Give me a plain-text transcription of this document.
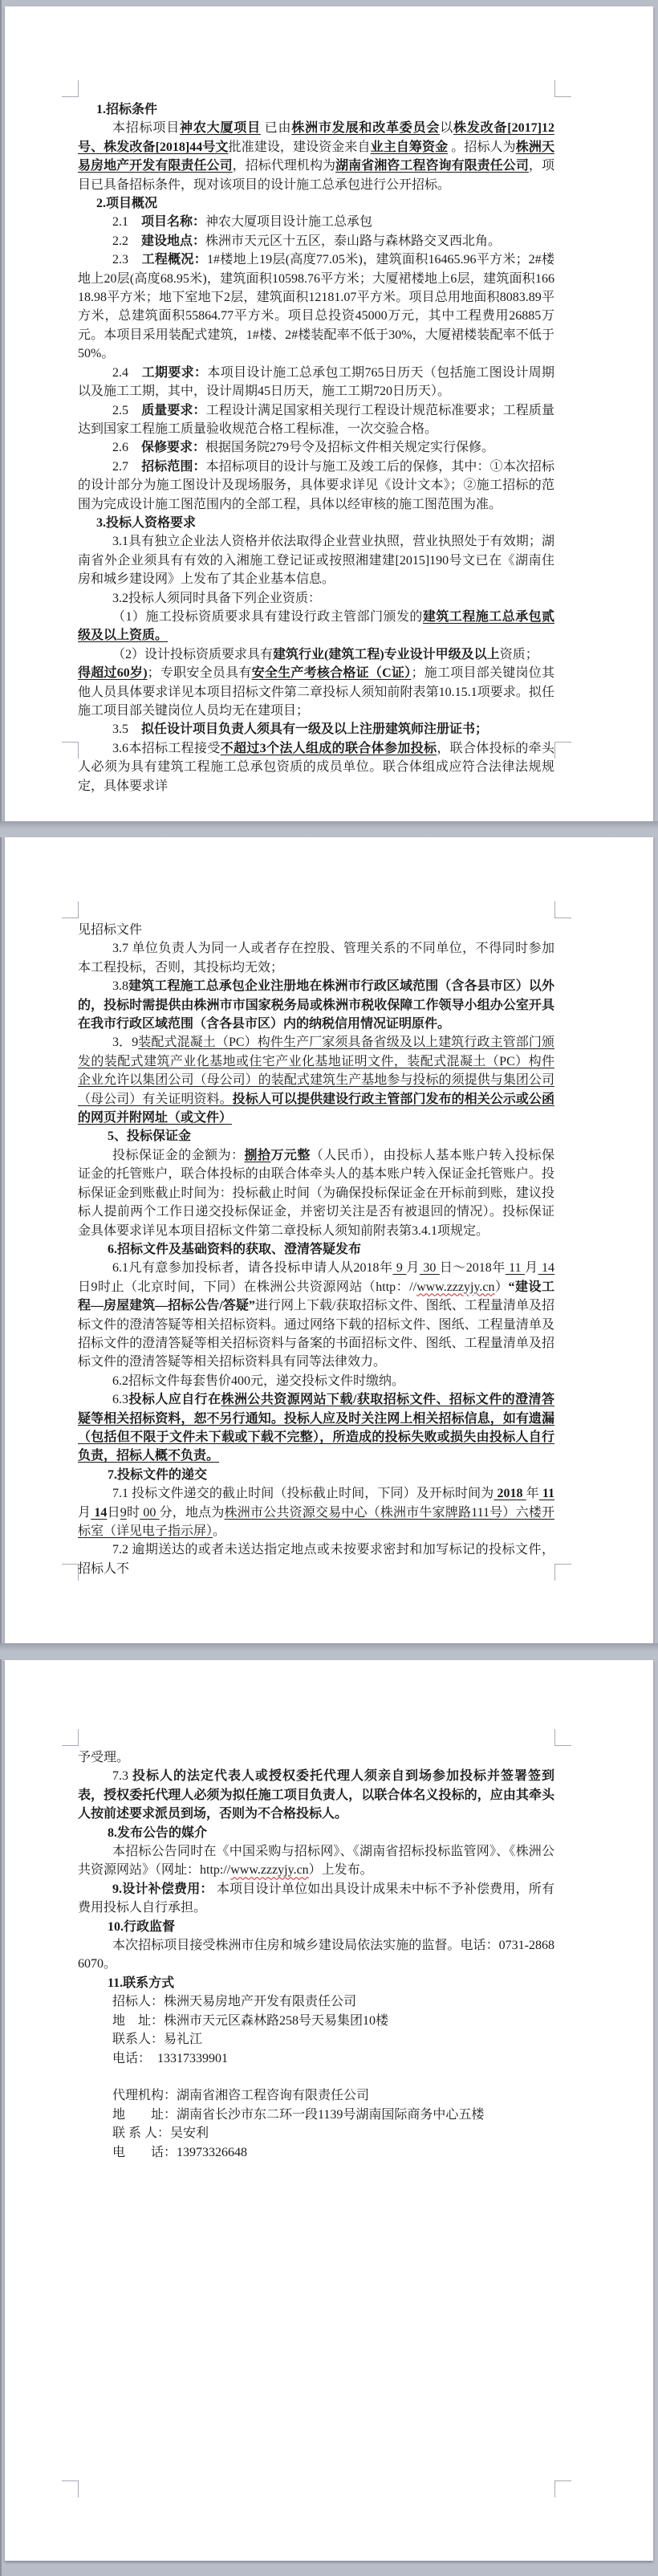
1.招标条件

本招标项目神农大厦项目 已由株洲市发展和改革委员会以株发改备[2017]12号、株发改备[2018]44号文批准建设，建设资金来自业主自筹资金 。招标人为株洲天易房地产开发有限责任公司，招标代理机构为湖南省湘咨工程咨询有限责任公司，项目已具备招标条件，现对该项目的设计施工总承包进行公开招标。

2.项目概况

2.1　项目名称：神农大厦项目设计施工总承包

2.2　建设地点：株洲市天元区十五区，泰山路与森林路交叉西北角。

2.3　工程概况：1#楼地上19层(高度77.05米)，建筑面积16465.96平方米；2#楼地上20层(高度68.95米)，建筑面积10598.76平方米；大厦裙楼地上6层，建筑面积16618.98平方米；地下室地下2层，建筑面积12181.07平方米。项目总用地面积8083.89平方米，总建筑面积55864.77平方米。项目总投资45000万元，其中工程费用26885万元。本项目采用装配式建筑，1#楼、2#楼装配率不低于30%，大厦裙楼装配率不低于50%。

2.4　工期要求：本项目设计施工总承包工期765日历天（包括施工图设计周期以及施工工期，其中，设计周期45日历天，施工工期720日历天）。

2.5　质量要求：工程设计满足国家相关现行工程设计规范标准要求；工程质量达到国家工程施工质量验收规范合格工程标准，一次交验合格。

2.6　保修要求：根据国务院279号令及招标文件相关规定实行保修。

2.7　招标范围：本招标项目的设计与施工及竣工后的保修，其中：①本次招标的设计部分为施工图设计及现场服务，具体要求详见《设计文本》；②施工招标的范围为完成设计施工图范围内的全部工程，具体以经审核的施工图范围为准。

3.投标人资格要求

3.1具有独立企业法人资格并依法取得企业营业执照，营业执照处于有效期；湖南省外企业须具有有效的入湘施工登记证或按照湘建建[2015]190号文已在《湖南住房和城乡建设网》上发布了其企业基本信息。

3.2投标人须同时具备下列企业资质：

（1）施工投标资质要求具有建设行政主管部门颁发的建筑工程施工总承包贰级及以上资质。

（2）设计投标资质要求具有建筑行业(建筑工程)专业设计甲级及以上资质；

得超过60岁)；专职安全员具有安全生产考核合格证（C证）；施工项目部关键岗位其他人员具体要求详见本项目招标文件第二章投标人须知前附表第10.15.1项要求。拟任施工项目部关键岗位人员均无在建项目；

3.5　拟任设计项目负责人须具有一级及以上注册建筑师注册证书；

3.6本招标工程接受不超过3个法人组成的联合体参加投标，联合体投标的牵头人必须为具有建筑工程施工总承包资质的成员单位。联合体组成应符合法律法规规定，具体要求详

见招标文件

3.7 单位负责人为同一人或者存在控股、管理关系的不同单位，不得同时参加本工程投标，否则，其投标均无效；

3.8建筑工程施工总承包企业注册地在株洲市行政区域范围（含各县市区）以外的，投标时需提供由株洲市市国家税务局或株洲市税收保障工作领导小组办公室开具在我市行政区域范围（含各县市区）内的纳税信用情况证明原件。

3．9装配式混凝土（PC）构件生产厂家须具备省级及以上建筑行政主管部门颁发的装配式建筑产业化基地或住宅产业化基地证明文件，装配式混凝土（PC）构件企业允许以集团公司（母公司）的装配式建筑生产基地参与投标的须提供与集团公司（母公司）有关证明资料。投标人可以提供建设行政主管部门发布的相关公示或公函的网页并附网址（或文件）

5、投标保证金

投标保证金的金额为：捌拾万元整（人民币），由投标人基本账户转入投标保证金的托管账户，联合体投标的由联合体牵头人的基本账户转入保证金托管账户。投标保证金到账截止时间为：投标截止时间（为确保投标保证金在开标前到账，建议投标人提前两个工作日递交投标保证金，并密切关注是否有被退回的情况）。投标保证金具体要求详见本项目招标文件第二章投标人须知前附表第3.4.1项规定。

6.招标文件及基础资料的获取、澄清答疑发布

6.1凡有意参加投标者，请各投标申请人从2018年 9 月 30 日～2018年 11 月 14 日9时止（北京时间，下同）在株洲公共资源网站（http：//www.zzzyjy.cn）“建设工程—房屋建筑—招标公告/答疑”进行网上下载/获取招标文件、图纸、工程量清单及招标文件的澄清答疑等相关招标资料。通过网络下载的招标文件、图纸、工程量清单及招标文件的澄清答疑等相关招标资料与备案的书面招标文件、图纸、工程量清单及招标文件的澄清答疑等相关招标资料具有同等法律效力。

6.2招标文件每套售价400元，递交投标文件时缴纳。

6.3投标人应自行在株洲公共资源网站下载/获取招标文件、招标文件的澄清答疑等相关招标资料，恕不另行通知。投标人应及时关注网上相关招标信息，如有遗漏（包括但不限于文件未下载或下载不完整），所造成的投标失败或损失由投标人自行负责，招标人概不负责。

7.投标文件的递交

7.1 投标文件递交的截止时间（投标截止时间，下同）及开标时间为 2018 年 11 月 14日9时 00 分，地点为株洲市公共资源交易中心（株洲市牛家牌路111号）六楼开标室（详见电子指示屏）。

7.2 逾期送达的或者未送达指定地点或未按要求密封和加写标记的投标文件，招标人不

予受理。

7.3 投标人的法定代表人或授权委托代理人须亲自到场参加投标并签署签到表，授权委托代理人必须为拟任施工项目负责人，以联合体名义投标的，应由其牵头人按前述要求派员到场，否则为不合格投标人。

8.发布公告的媒介

本招标公告同时在《中国采购与招标网》、《湖南省招标投标监管网》、《株洲公共资源网站》（网址：http://www.zzzyjy.cn）上发布。

9.设计补偿费用： 本项目设计单位如出具设计成果未中标不予补偿费用，所有费用投标人自行承担。

10.行政监督

本次招标项目接受株洲市住房和城乡建设局依法实施的监督。电话：0731-28686070。

11.联系方式

招标人：株洲天易房地产开发有限责任公司

地　址：株洲市天元区森林路258号天易集团10楼

联系人：易礼江

电话：　13317339901

代理机构：湖南省湘咨工程咨询有限责任公司

地　　址：湖南省长沙市东二环一段1139号湖南国际商务中心五楼

联 系 人：吴安利

电　　话：13973326648
